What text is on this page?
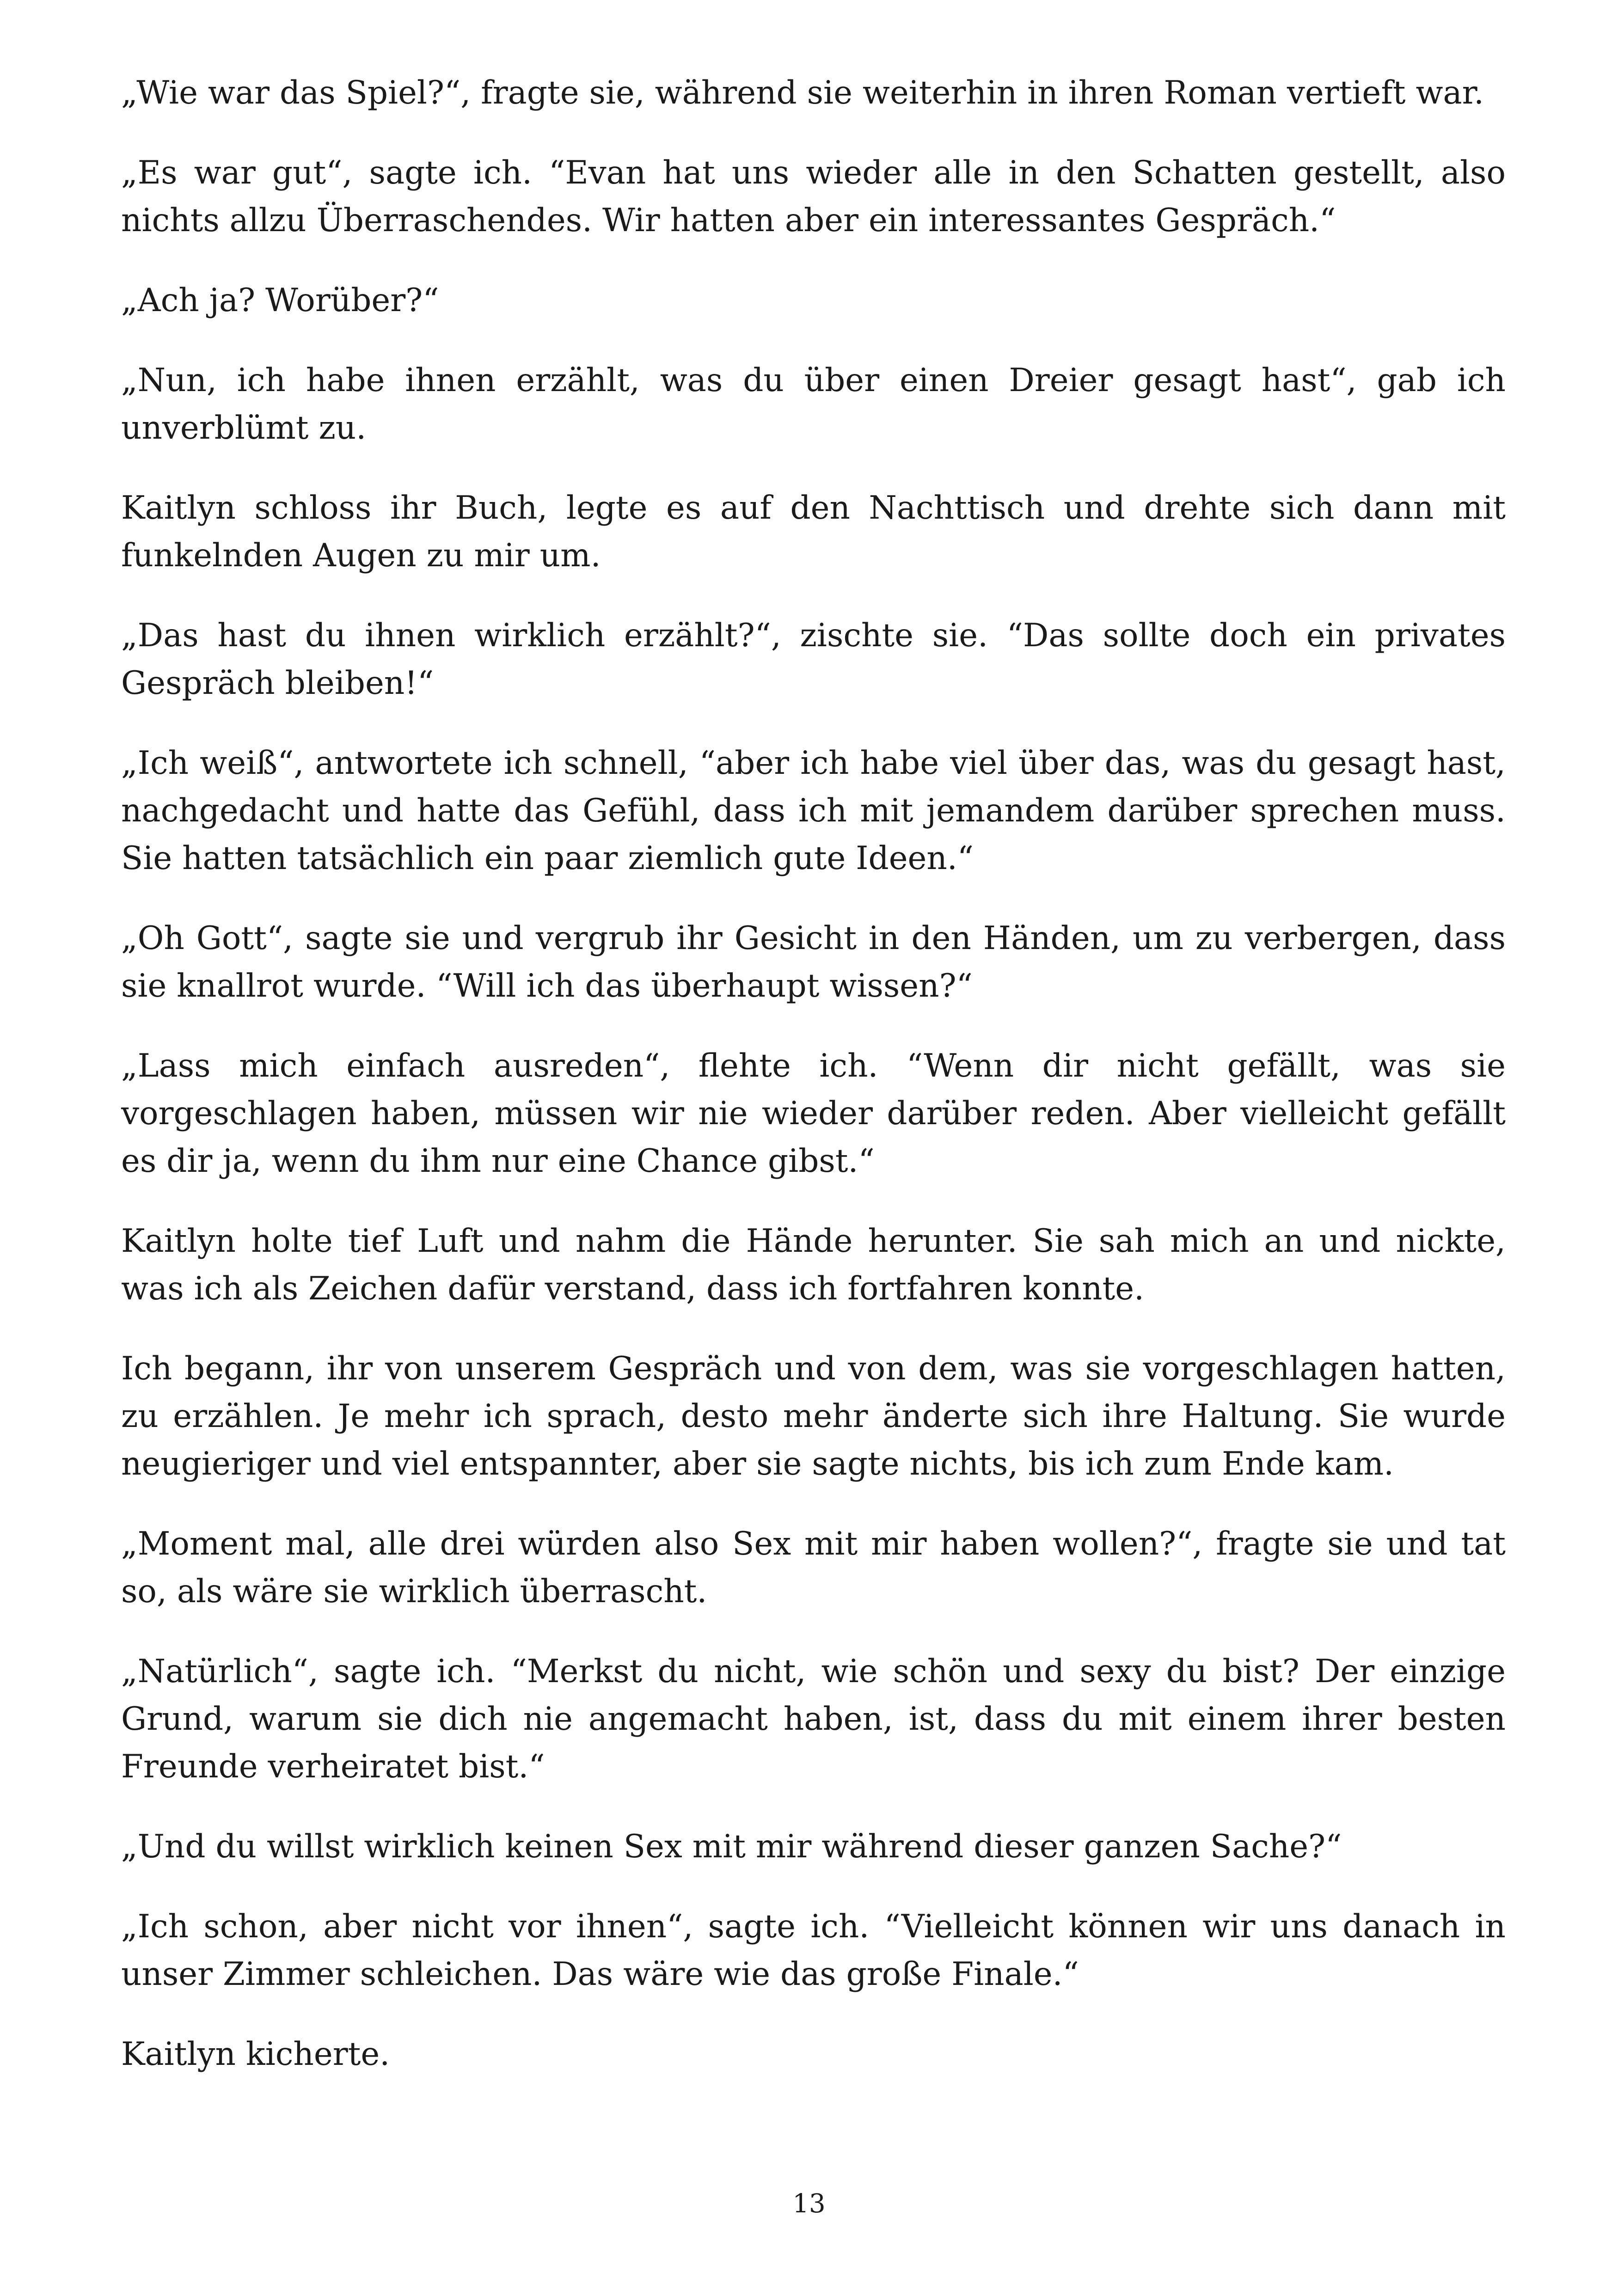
„Wie war das Spiel?“, fragte sie, während sie weiterhin in ihren Roman vertieft war.

„Es war gut“, sagte ich. “Evan hat uns wieder alle in den Schatten gestellt, also nichts allzu Überraschendes. Wir hatten aber ein interessantes Gespräch.“

„Ach ja? Worüber?“

„Nun, ich habe ihnen erzählt, was du über einen Dreier gesagt hast“, gab ich unverblümt zu.

Kaitlyn schloss ihr Buch, legte es auf den Nachttisch und drehte sich dann mit funkelnden Augen zu mir um.

„Das hast du ihnen wirklich erzählt?“, zischte sie. “Das sollte doch ein privates Gespräch bleiben!“

„Ich weiß“, antwortete ich schnell, “aber ich habe viel über das, was du gesagt hast, nachgedacht und hatte das Gefühl, dass ich mit jemandem darüber sprechen muss. Sie hatten tatsächlich ein paar ziemlich gute Ideen.“

„Oh Gott“, sagte sie und vergrub ihr Gesicht in den Händen, um zu verbergen, dass sie knallrot wurde. “Will ich das überhaupt wissen?“

„Lass mich einfach ausreden“, flehte ich. “Wenn dir nicht gefällt, was sie vorgeschlagen haben, müssen wir nie wieder darüber reden. Aber vielleicht gefällt es dir ja, wenn du ihm nur eine Chance gibst.“

Kaitlyn holte tief Luft und nahm die Hände herunter. Sie sah mich an und nickte, was ich als Zeichen dafür verstand, dass ich fortfahren konnte.

Ich begann, ihr von unserem Gespräch und von dem, was sie vorgeschlagen hatten, zu erzählen. Je mehr ich sprach, desto mehr änderte sich ihre Haltung. Sie wurde neugieriger und viel entspannter, aber sie sagte nichts, bis ich zum Ende kam.

„Moment mal, alle drei würden also Sex mit mir haben wollen?“, fragte sie und tat so, als wäre sie wirklich überrascht.

„Natürlich“, sagte ich. “Merkst du nicht, wie schön und sexy du bist? Der einzige Grund, warum sie dich nie angemacht haben, ist, dass du mit einem ihrer besten Freunde verheiratet bist.“

„Und du willst wirklich keinen Sex mit mir während dieser ganzen Sache?“

„Ich schon, aber nicht vor ihnen“, sagte ich. “Vielleicht können wir uns danach in unser Zimmer schleichen. Das wäre wie das große Finale.“

Kaitlyn kicherte.

13
